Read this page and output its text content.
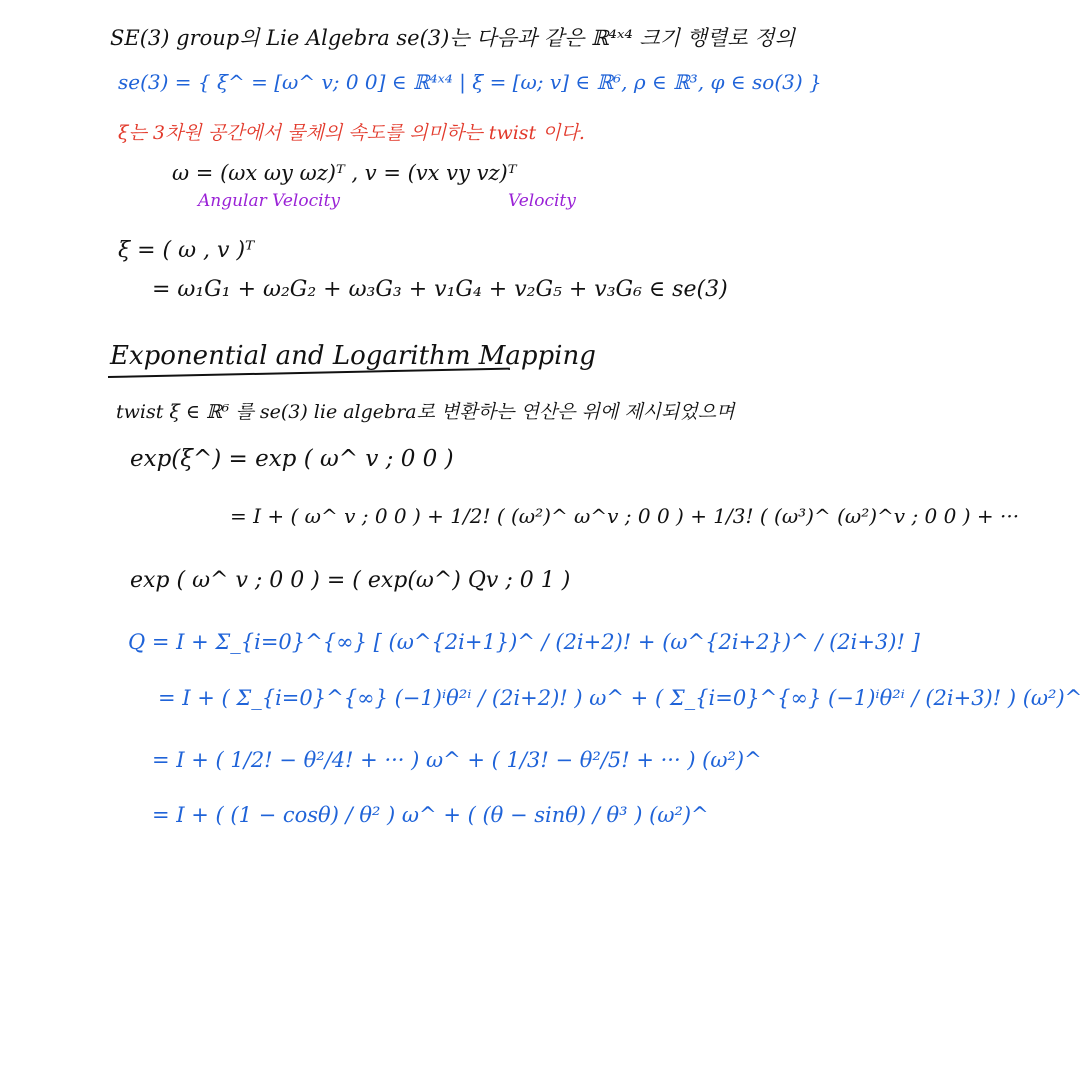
SE(3) group의 Lie Algebra se(3)는 다음과 같은 ℝ⁴ˣ⁴ 크기 행렬로 정의
se(3) = { ξ^ = [ω^ v; 0 0] ∈ ℝ⁴ˣ⁴ | ξ = [ω; v] ∈ ℝ⁶, ρ ∈ ℝ³, φ ∈ so(3) }
ξ는 3차원 공간에서 물체의 속도를 의미하는 twist 이다.
ω = (ωx ωy ωz)ᵀ , v = (vx vy vz)ᵀ
Angular Velocity	Velocity
ξ = ( ω , v )ᵀ
= ω₁G₁ + ω₂G₂ + ω₃G₃ + v₁G₄ + v₂G₅ + v₃G₆ ∈ se(3)
Exponential and Logarithm Mapping
twist ξ ∈ ℝ⁶ 를 se(3) lie algebra로 변환하는 연산은 위에 제시되었으며
exp(ξ^) = exp ( ω^ v ; 0 0 )
= I + ( ω^ v ; 0 0 ) + 1/2! ( (ω²)^ ω^v ; 0 0 ) + 1/3! ( (ω³)^ (ω²)^v ; 0 0 ) + ···
exp ( ω^ v ; 0 0 ) = ( exp(ω^) Qv ; 0 1 )
Q = I + Σ_{i=0}^{∞} [ (ω^{2i+1})^ / (2i+2)! + (ω^{2i+2})^ / (2i+3)! ]
= I + ( Σ_{i=0}^{∞} (−1)ⁱθ²ⁱ / (2i+2)! ) ω^ + ( Σ_{i=0}^{∞} (−1)ⁱθ²ⁱ / (2i+3)! ) (ω²)^
= I + ( 1/2! − θ²/4! + ··· ) ω^ + ( 1/3! − θ²/5! + ··· ) (ω²)^
= I + ( (1 − cosθ) / θ² ) ω^ + ( (θ − sinθ) / θ³ ) (ω²)^
